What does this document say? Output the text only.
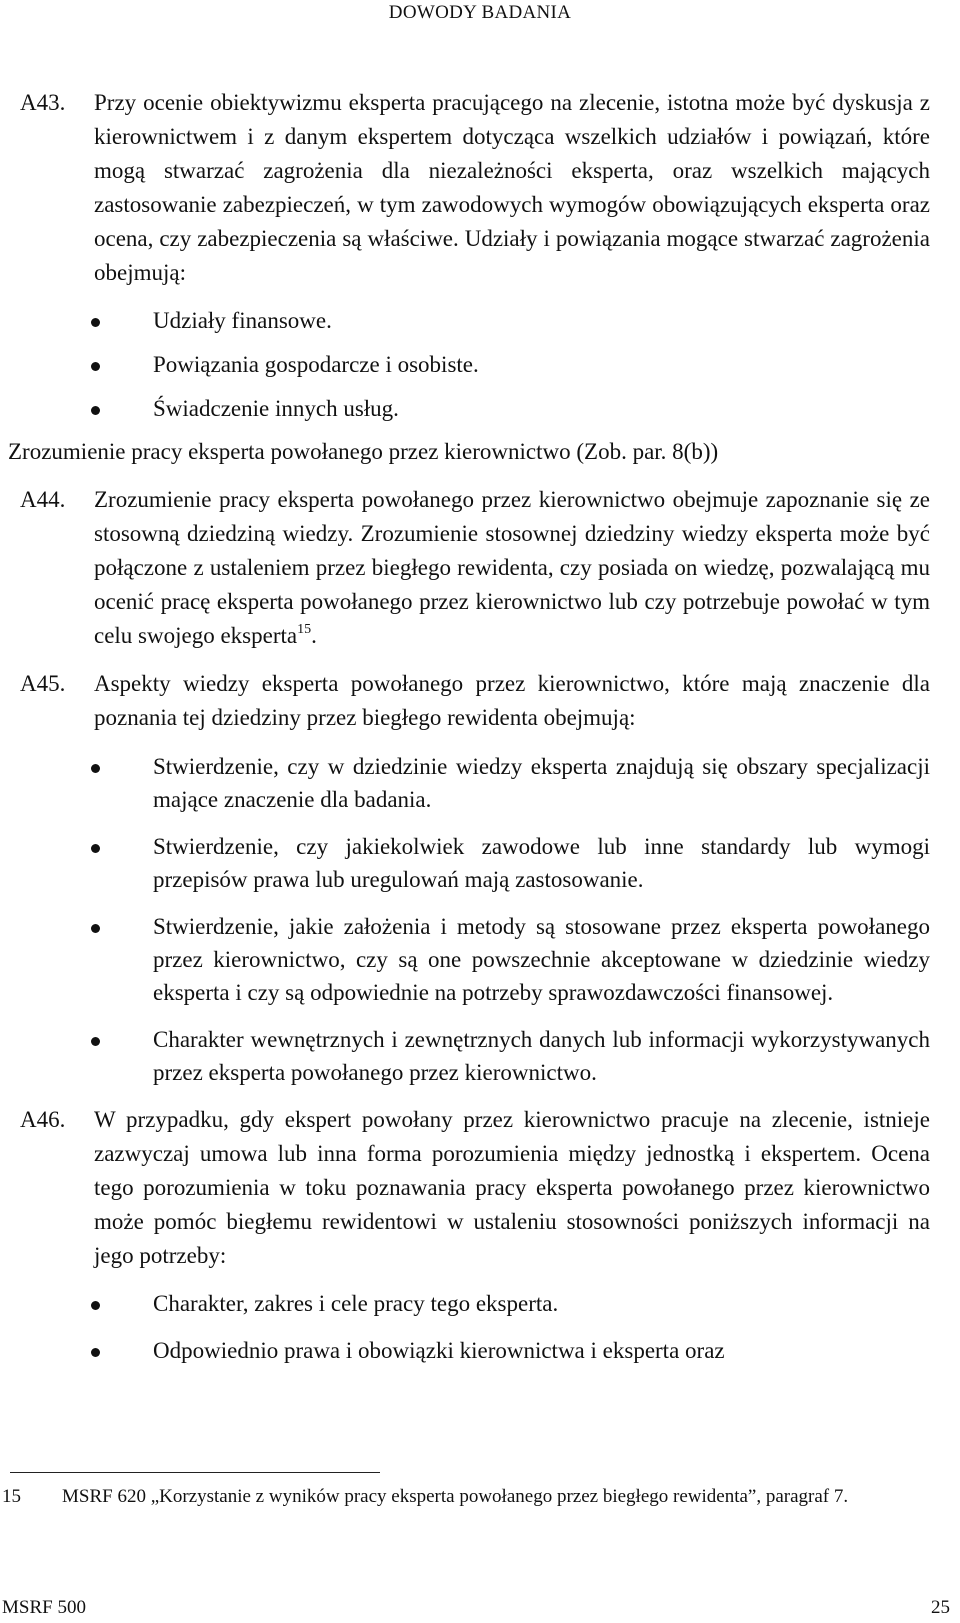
DOWODY BADANIA
A43. Przy ocenie obiektywizmu eksperta pracującego na zlecenie, istotna może być dyskusja z kierownictwem i z danym ekspertem dotycząca wszelkich udziałów i powiązań, które mogą stwarzać zagrożenia dla niezależności eksperta, oraz wszelkich mających zastosowanie zabezpieczeń, w tym zawodowych wymogów obowiązujących eksperta oraz ocena, czy zabezpieczenia są właściwe. Udziały i powiązania mogące stwarzać zagrożenia obejmują:

Udziały finansowe.
Powiązania gospodarcze i osobiste.
Świadczenie innych usług.
Zrozumienie pracy eksperta powołanego przez kierownictwo (Zob. par. 8(b))
A44. Zrozumienie pracy eksperta powołanego przez kierownictwo obejmuje zapoznanie się ze stosowną dziedziną wiedzy. Zrozumienie stosownej dziedziny wiedzy eksperta może być połączone z ustaleniem przez biegłego rewidenta, czy posiada on wiedzę, pozwalającą mu ocenić pracę eksperta powołanego przez kierownictwo lub czy potrzebuje powołać w tym celu swojego eksperta$^{15}$.

A45. Aspekty wiedzy eksperta powołanego przez kierownictwo, które mają znaczenie dla poznania tej dziedziny przez biegłego rewidenta obejmują:

Stwierdzenie, czy w dziedzinie wiedzy eksperta znajdują się obszary specjalizacji mające znaczenie dla badania.
Stwierdzenie, czy jakiekolwiek zawodowe lub inne standardy lub wymogi przepisów prawa lub uregulowań mają zastosowanie.
Stwierdzenie, jakie założenia i metody są stosowane przez eksperta powołanego przez kierownictwo, czy są one powszechnie akceptowane w dziedzinie wiedzy eksperta i czy są odpowiednie na potrzeby sprawozdawczości finansowej.
Charakter wewnętrznych i zewnętrznych danych lub informacji wykorzystywanych przez eksperta powołanego przez kierownictwo.
A46. W przypadku, gdy ekspert powołany przez kierownictwo pracuje na zlecenie, istnieje zazwyczaj umowa lub inna forma porozumienia między jednostką i ekspertem. Ocena tego porozumienia w toku poznawania pracy eksperta powołanego przez kierownictwo może pomóc biegłemu rewidentowi w ustaleniu stosowności poniższych informacji na jego potrzeby:

Charakter, zakres i cele pracy tego eksperta.
Odpowiednio prawa i obowiązki kierownictwa i eksperta oraz
15 MSRF 620 „Korzystanie z wyników pracy eksperta powołanego przez biegłego rewidenta”, paragraf 7.
MSRF 500	25
